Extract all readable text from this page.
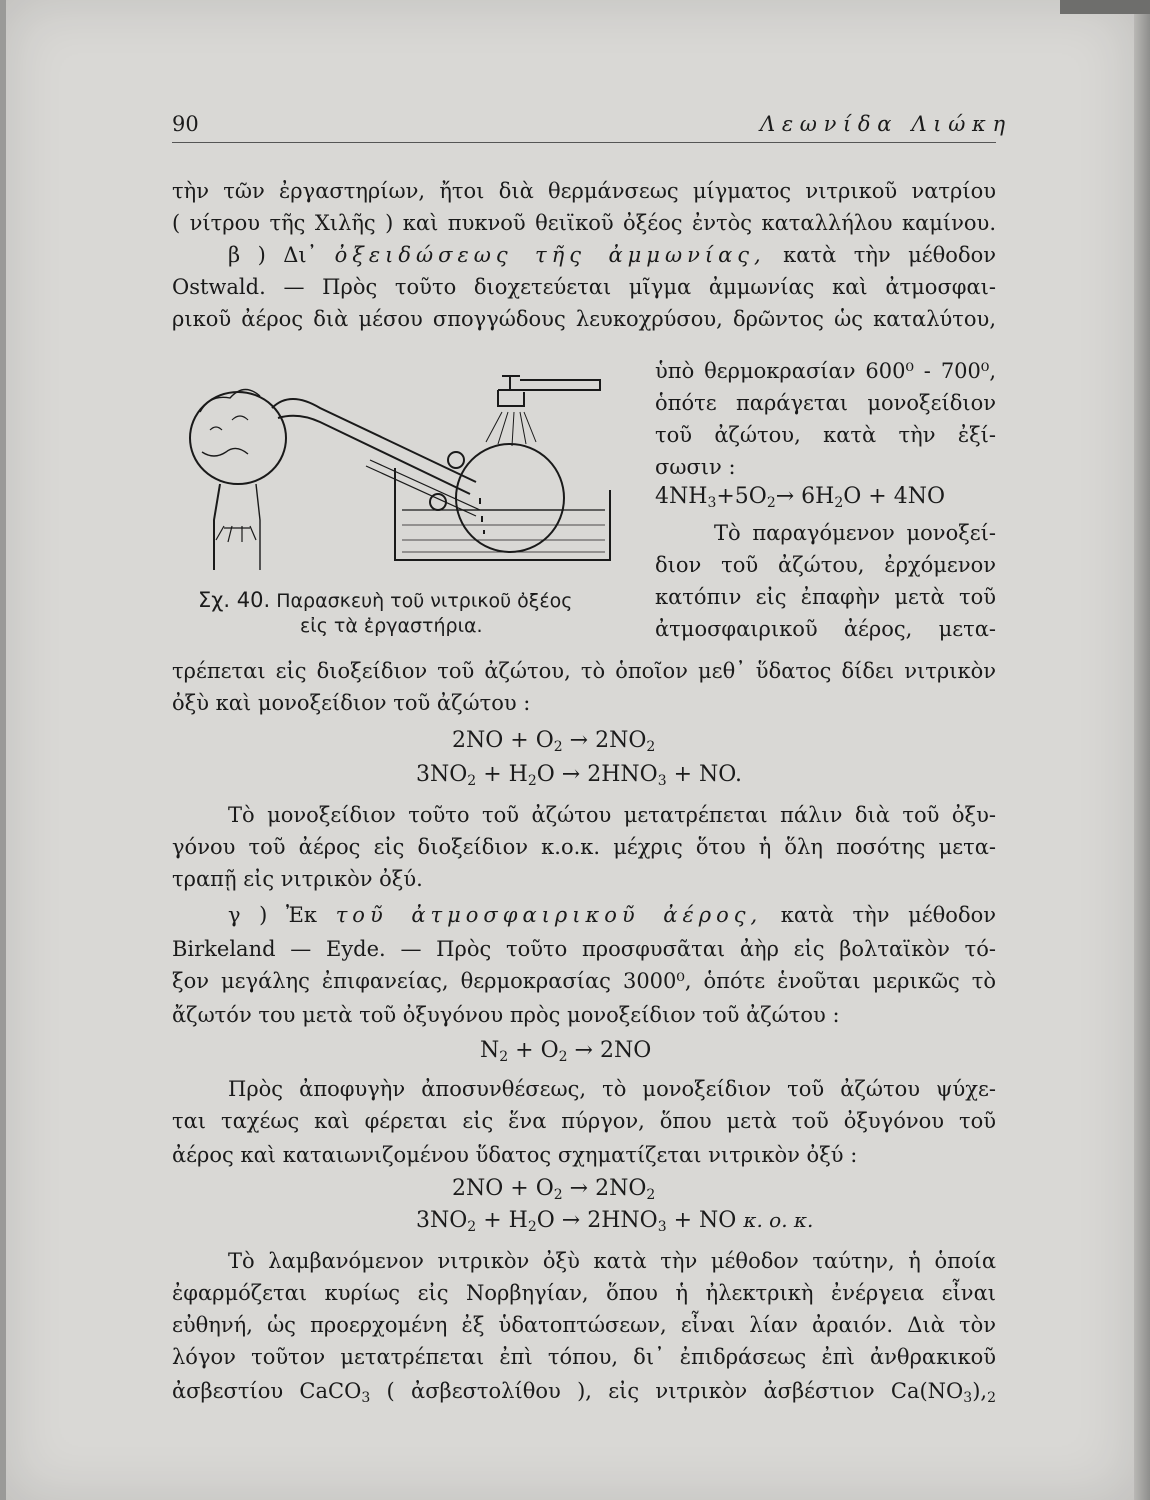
90	Λ ε ω ν ί δ α   Λ ι ώ κ η
τὴν τῶν ἐργαστηρίων, ἤτοι διὰ θερμάνσεως μίγματος νιτρικοῦ νατρίου
( νίτρου τῆς Χιλῆς ) καὶ πυκνοῦ θειϊκοῦ ὀξέος ἐντὸς καταλλήλου καμίνου.
β ) Δι᾽ ὀξειδώσεως τῆς ἀμμωνίας, κατὰ τὴν μέθοδον
Ostwald. — Πρὸς τοῦτο διοχετεύεται μῖγμα ἀμμωνίας καὶ ἀτμοσφαι-
ρικοῦ ἀέρος διὰ μέσου σπογγώδους λευκοχρύσου, δρῶντος ὡς καταλύτου,
Σχ. 40. Παρασκευὴ τοῦ νιτρικοῦ ὀξέος
εἰς τὰ ἐργαστήρια.
ὑπὸ θερμοκρασίαν 600⁰ - 700⁰,
ὁπότε παράγεται μονοξείδιον
τοῦ ἀζώτου, κατὰ τὴν ἐξί-
σωσιν :
$4NH_3+5O_2\to 6H_2O + 4NO$
Τὸ παραγόμενον μονοξεί-
διον τοῦ ἀζώτου, ἐρχόμενον
κατόπιν εἰς ἐπαφὴν μετὰ τοῦ
ἀτμοσφαιρικοῦ ἀέρος, μετα-
τρέπεται εἰς διοξείδιον τοῦ ἀζώτου, τὸ ὁποῖον μεθ᾽ ὕδατος δίδει νιτρικὸν
ὀξὺ καὶ μονοξείδιον τοῦ ἀζώτου :
$2NO + O_2 \to 2NO_2$
$3NO_2 + H_2O \to 2HNO_3$ + NO.
Τὸ μονοξείδιον τοῦτο τοῦ ἀζώτου μετατρέπεται πάλιν διὰ τοῦ ὀξυ-
γόνου τοῦ ἀέρος εἰς διοξείδιον κ.ο.κ. μέχρις ὅτου ἡ ὅλη ποσότης μετα-
τραπῇ εἰς νιτρικὸν ὀξύ.
γ ) Ἐκ τοῦ ἀτμοσφαιρικοῦ ἀέρος, κατὰ τὴν μέθοδον
Birkeland — Eyde. — Πρὸς τοῦτο προσφυσᾶται ἀὴρ εἰς βολταϊκὸν τό-
ξον μεγάλης ἐπιφανείας, θερμοκρασίας 3000⁰, ὁπότε ἑνοῦται μερικῶς τὸ
ἄζωτόν του μετὰ τοῦ ὀξυγόνου πρὸς μονοξείδιον τοῦ ἀζώτου :
$N_2 + O_2 \to 2NO$
Πρὸς ἀποφυγὴν ἀποσυνθέσεως, τὸ μονοξείδιον τοῦ ἀζώτου ψύχε-
ται ταχέως καὶ φέρεται εἰς ἕνα πύργον, ὅπου μετὰ τοῦ ὀξυγόνου τοῦ
ἀέρος καὶ καταιωνιζομένου ὕδατος σχηματίζεται νιτρικὸν ὀξύ :
$2NO + O_2 \to 2NO_2$
$3NO_2 + H_2O \to 2HNO_3$ + NO κ. ο. κ.
Τὸ λαμβανόμενον νιτρικὸν ὀξὺ κατὰ τὴν μέθοδον ταύτην, ἡ ὁποία
ἐφαρμόζεται κυρίως εἰς Νορβηγίαν, ὅπου ἡ ἠλεκτρικὴ ἐνέργεια εἶναι
εὐθηνή, ὡς προερχομένη ἐξ ὑδατοπτώσεων, εἶναι λίαν ἀραιόν. Διὰ τὸν
λόγον τοῦτον μετατρέπεται ἐπὶ τόπου, δι᾽ ἐπιδράσεως ἐπὶ ἀνθρακικοῦ
ἀσβεστίου CaCO$_3$ ( ἀσβεστολίθου ), εἰς νιτρικὸν ἀσβέστιον $Ca(NO_3),_2$
